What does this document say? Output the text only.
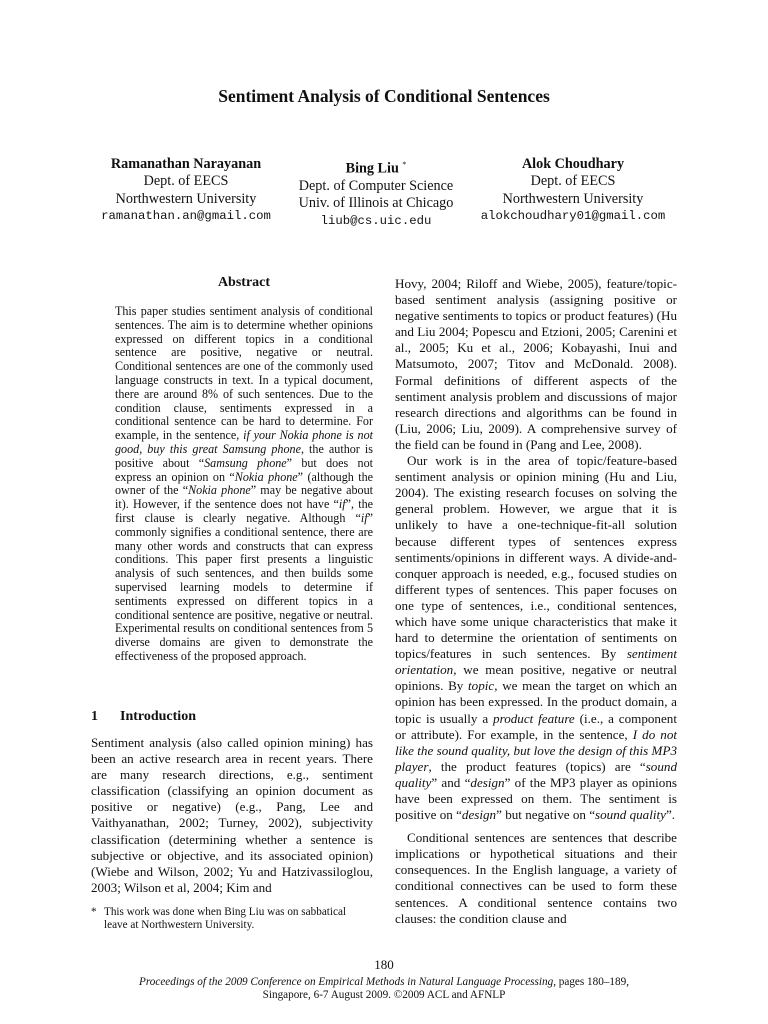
Sentiment Analysis of Conditional Sentences
Ramanathan Narayanan
Dept. of EECS
Northwestern University
ramanathan.an@gmail.com
Bing Liu *
Dept. of Computer Science
Univ. of Illinois at Chicago
liub@cs.uic.edu
Alok Choudhary
Dept. of EECS
Northwestern University
alokchoudhary01@gmail.com
Abstract
This paper studies sentiment analysis of conditional sentences. The aim is to determine whether opinions expressed on different topics in a conditional sentence are positive, negative or neutral. Conditional sentences are one of the commonly used language constructs in text. In a typical document, there are around 8% of such sentences. Due to the condition clause, sentiments expressed in a conditional sentence can be hard to determine. For example, in the sentence, if your Nokia phone is not good, buy this great Samsung phone, the author is positive about “Samsung phone” but does not express an opinion on “Nokia phone” (although the owner of the “Nokia phone” may be negative about it). However, if the sentence does not have “if”, the first clause is clearly negative. Although “if” commonly signifies a conditional sentence, there are many other words and constructs that can express conditions. This paper first presents a linguistic analysis of such sentences, and then builds some supervised learning models to determine if sentiments expressed on different topics in a conditional sentence are positive, negative or neutral. Experimental results on conditional sentences from 5 diverse domains are given to demonstrate the effectiveness of the proposed approach.
1 Introduction
Sentiment analysis (also called opinion mining) has been an active research area in recent years. There are many research directions, e.g., sentiment classification (classifying an opinion document as positive or negative) (e.g., Pang, Lee and Vaithyanathan, 2002; Turney, 2002), subjectivity classification (determining whether a sentence is subjective or objective, and its associated opinion) (Wiebe and Wilson, 2002; Yu and Hatzivassiloglou, 2003; Wilson et al, 2004; Kim and
* This work was done when Bing Liu was on sabbatical
leave at Northwestern University.

Hovy, 2004; Riloff and Wiebe, 2005), feature/topic-based sentiment analysis (assigning positive or negative sentiments to topics or product features) (Hu and Liu 2004; Popescu and Etzioni, 2005; Carenini et al., 2005; Ku et al., 2006; Kobayashi, Inui and Matsumoto, 2007; Titov and McDonald. 2008). Formal definitions of different aspects of the sentiment analysis problem and discussions of major research directions and algorithms can be found in (Liu, 2006; Liu, 2009). A comprehensive survey of the field can be found in (Pang and Lee, 2008).

Our work is in the area of topic/feature-based sentiment analysis or opinion mining (Hu and Liu, 2004). The existing research focuses on solving the general problem. However, we argue that it is unlikely to have a one-technique-fit-all solution because different types of sentences express sentiments/opinions in different ways. A divide-and-conquer approach is needed, e.g., focused studies on different types of sentences. This paper focuses on one type of sentences, i.e., conditional sentences, which have some unique characteristics that make it hard to determine the orientation of sentiments on topics/features in such sentences. By sentiment orientation, we mean positive, negative or neutral opinions. By topic, we mean the target on which an opinion has been expressed. In the product domain, a topic is usually a product feature (i.e., a component or attribute). For example, in the sentence, I do not like the sound quality, but love the design of this MP3 player, the product features (topics) are “sound quality” and “design” of the MP3 player as opinions have been expressed on them. The sentiment is positive on “design” but negative on “sound quality”.

Conditional sentences are sentences that describe implications or hypothetical situations and their consequences. In the English language, a variety of conditional connectives can be used to form these sentences. A conditional sentence contains two clauses: the condition clause and

180
Proceedings of the 2009 Conference on Empirical Methods in Natural Language Processing, pages 180–189,
Singapore, 6-7 August 2009. ©2009 ACL and AFNLP
